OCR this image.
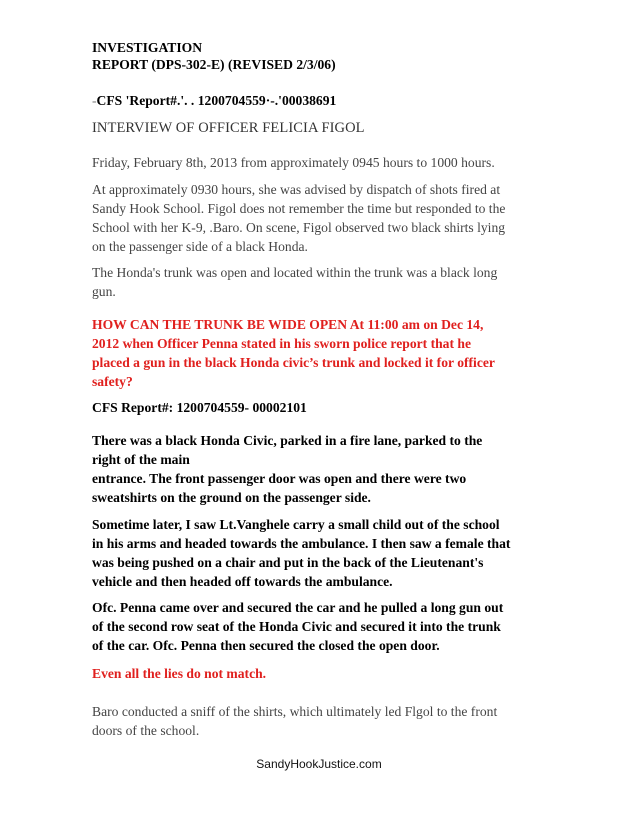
INVESTIGATION
REPORT (DPS-302-E) (REVISED 2/3/06)
-CFS 'Report#.'. . 1200704559·-.'00038691
INTERVIEW OF OFFICER FELICIA FIGOL
Friday, February 8th, 2013 from approximately 0945 hours to 1000 hours.
At approximately 0930 hours, she was advised by dispatch of shots fired at
Sandy Hook School. Figol does not remember the time but responded to the
School with her K-9, .Baro. On scene, Figol observed two black shirts lying
on the passenger side of a black Honda.
The Honda's trunk was open and located within the trunk was a black long
gun.
HOW CAN THE TRUNK BE WIDE OPEN At 11:00 am on Dec 14,
2012 when Officer Penna stated in his sworn police report that he
placed a gun in the black Honda civic’s trunk and locked it for officer
safety?
CFS Report#: 1200704559- 00002101
There was a black Honda Civic, parked in a fire lane, parked to the
right of the main
entrance. The front passenger door was open and there were two
sweatshirts on the ground on the passenger side.
Sometime later, I saw Lt.Vanghele carry a small child out of the school
in his arms and headed towards the ambulance. I then saw a female that
was being pushed on a chair and put in the back of the Lieutenant's
vehicle and then headed off towards the ambulance.
Ofc. Penna came over and secured the car and he pulled a long gun out
of the second row seat of the Honda Civic and secured it into the trunk
of the car. Ofc. Penna then secured the closed the open door.
Even all the lies do not match.
Baro conducted a sniff of the shirts, which ultimately led Flgol to the front
doors of the school.
SandyHookJustice.com
